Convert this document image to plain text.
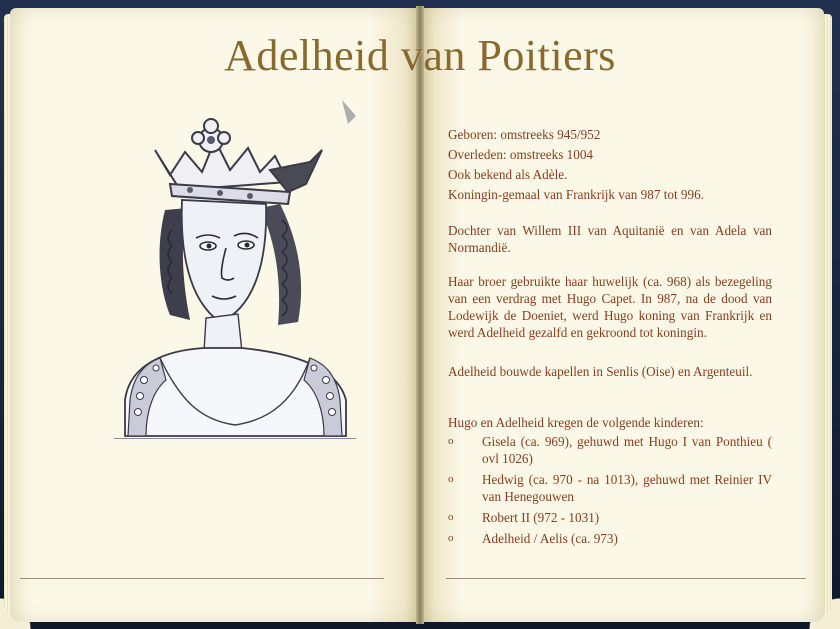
Adelheid van Poitiers
Geboren: omstreeks 945/952
Overleden: omstreeks 1004
Ook bekend als Adèle.
Koningin-gemaal van Frankrijk van 987 tot 996.
Dochter van Willem III van Aquitanië en van Adela van Normandië.
Haar broer gebruikte haar huwelijk (ca. 968) als bezegeling van een verdrag met Hugo Capet. In 987, na de dood van Lodewijk de Doeniet, werd Hugo koning van Frankrijk en werd Adelheid gezalfd en gekroond tot koningin.
Adelheid bouwde kapellen in Senlis (Oise) en Argenteuil.
Hugo en Adelheid kregen de volgende kinderen:
o Gisela (ca. 969), gehuwd met Hugo I van Ponthieu ( ovl 1026)
o Hedwig (ca. 970 - na 1013), gehuwd met Reinier IV van Henegouwen
o Robert II (972 - 1031)
o Adelheid / Aelis (ca. 973)
